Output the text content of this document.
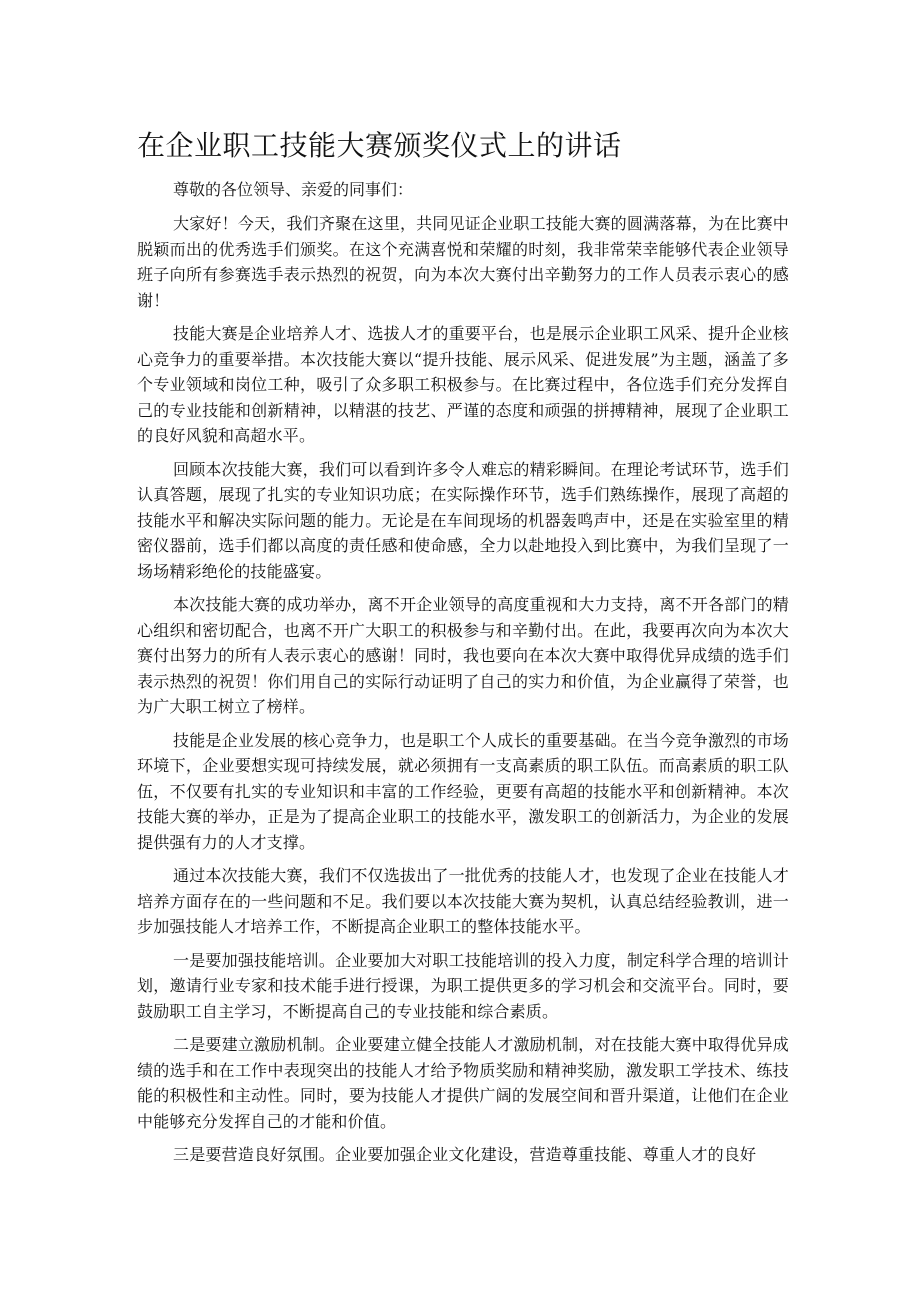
在企业职工技能大赛颁奖仪式上的讲话

尊敬的各位领导、亲爱的同事们：

大家好！今天，我们齐聚在这里，共同见证企业职工技能大赛的圆满落幕，为在比赛中脱颖而出的优秀选手们颁奖。在这个充满喜悦和荣耀的时刻，我非常荣幸能够代表企业领导班子向所有参赛选手表示热烈的祝贺，向为本次大赛付出辛勤努力的工作人员表示衷心的感谢！

技能大赛是企业培养人才、选拔人才的重要平台，也是展示企业职工风采、提升企业核心竞争力的重要举措。本次技能大赛以“提升技能、展示风采、促进发展”为主题，涵盖了多个专业领域和岗位工种，吸引了众多职工积极参与。在比赛过程中，各位选手们充分发挥自己的专业技能和创新精神，以精湛的技艺、严谨的态度和顽强的拼搏精神，展现了企业职工的良好风貌和高超水平。

回顾本次技能大赛，我们可以看到许多令人难忘的精彩瞬间。在理论考试环节，选手们认真答题，展现了扎实的专业知识功底；在实际操作环节，选手们熟练操作，展现了高超的技能水平和解决实际问题的能力。无论是在车间现场的机器轰鸣声中，还是在实验室里的精密仪器前，选手们都以高度的责任感和使命感，全力以赴地投入到比赛中，为我们呈现了一场场精彩绝伦的技能盛宴。

本次技能大赛的成功举办，离不开企业领导的高度重视和大力支持，离不开各部门的精心组织和密切配合，也离不开广大职工的积极参与和辛勤付出。在此，我要再次向为本次大赛付出努力的所有人表示衷心的感谢！同时，我也要向在本次大赛中取得优异成绩的选手们表示热烈的祝贺！你们用自己的实际行动证明了自己的实力和价值，为企业赢得了荣誉，也为广大职工树立了榜样。

技能是企业发展的核心竞争力，也是职工个人成长的重要基础。在当今竞争激烈的市场环境下，企业要想实现可持续发展，就必须拥有一支高素质的职工队伍。而高素质的职工队伍，不仅要有扎实的专业知识和丰富的工作经验，更要有高超的技能水平和创新精神。本次技能大赛的举办，正是为了提高企业职工的技能水平，激发职工的创新活力，为企业的发展提供强有力的人才支撑。

通过本次技能大赛，我们不仅选拔出了一批优秀的技能人才，也发现了企业在技能人才培养方面存在的一些问题和不足。我们要以本次技能大赛为契机，认真总结经验教训，进一步加强技能人才培养工作，不断提高企业职工的整体技能水平。

一是要加强技能培训。企业要加大对职工技能培训的投入力度，制定科学合理的培训计划，邀请行业专家和技术能手进行授课，为职工提供更多的学习机会和交流平台。同时，要鼓励职工自主学习，不断提高自己的专业技能和综合素质。

二是要建立激励机制。企业要建立健全技能人才激励机制，对在技能大赛中取得优异成绩的选手和在工作中表现突出的技能人才给予物质奖励和精神奖励，激发职工学技术、练技能的积极性和主动性。同时，要为技能人才提供广阔的发展空间和晋升渠道，让他们在企业中能够充分发挥自己的才能和价值。

三是要营造良好氛围。企业要加强企业文化建设，营造尊重技能、尊重人才的良好
